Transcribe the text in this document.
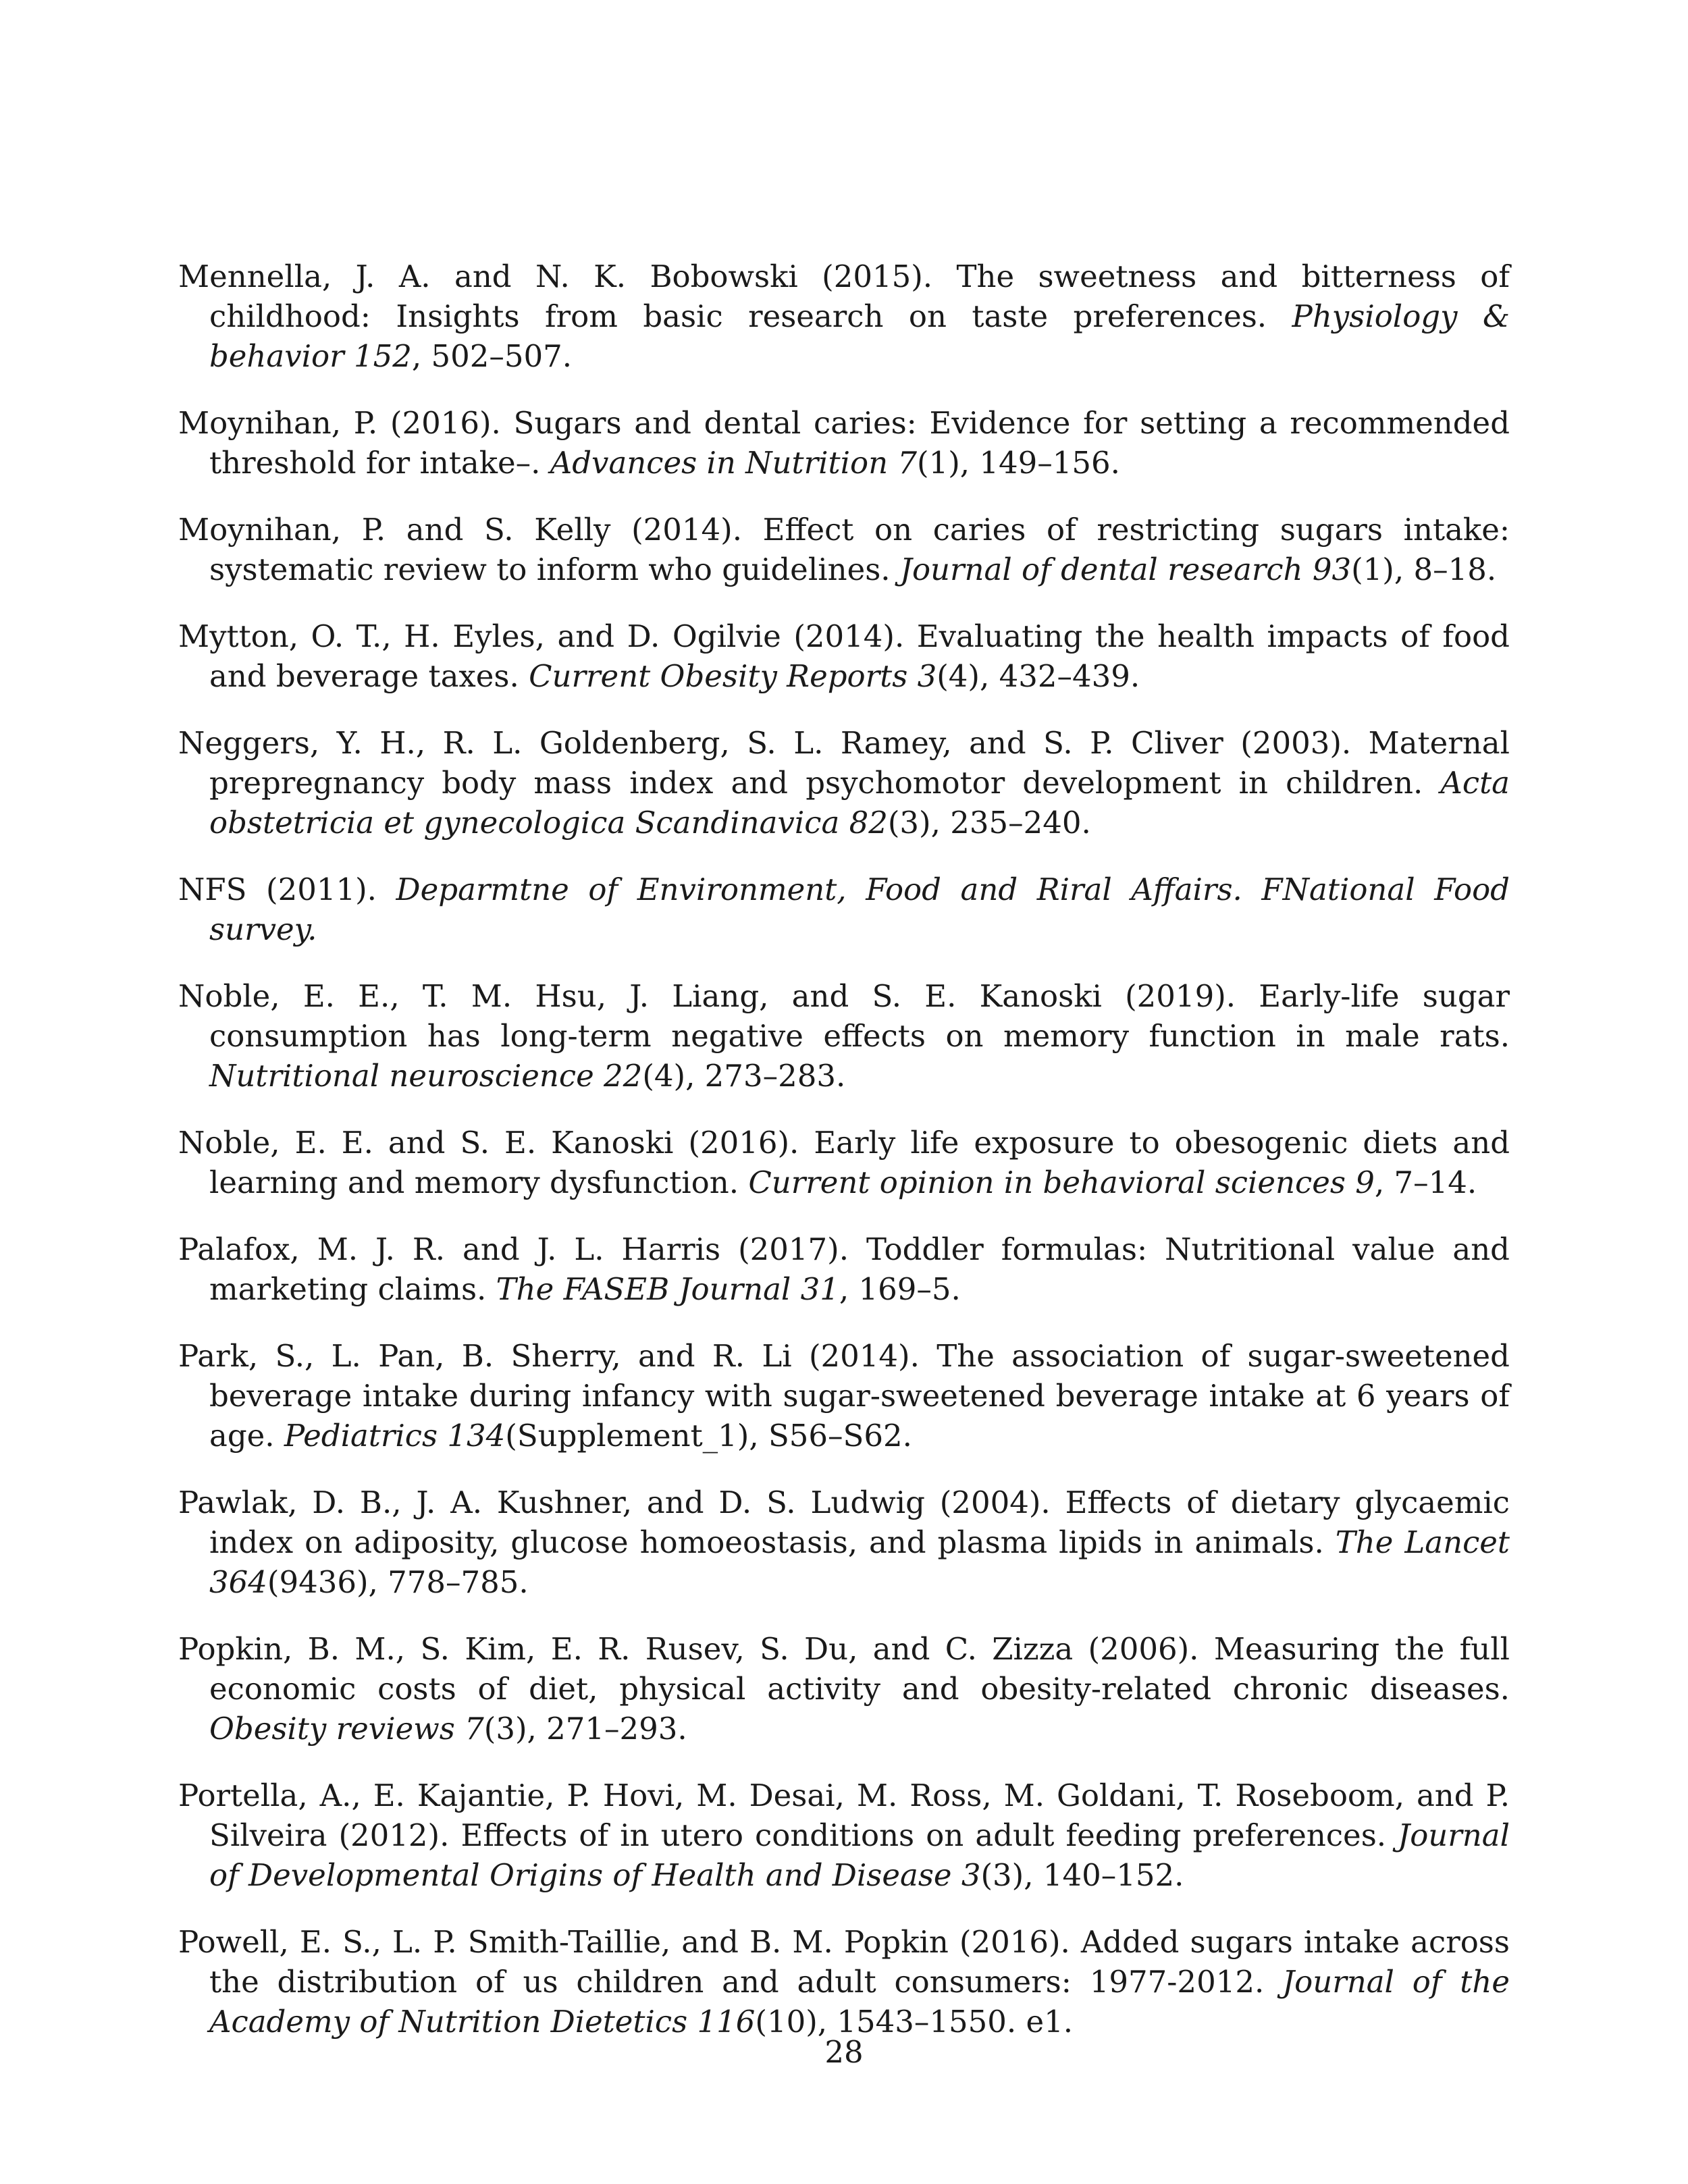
Mennella, J. A. and N. K. Bobowski (2015). The sweetness and bitterness of childhood: Insights from basic research on taste preferences. Physiology & behavior 152, 502–507.

Moynihan, P. (2016). Sugars and dental caries: Evidence for setting a recommended threshold for intake–. Advances in Nutrition 7(1), 149–156.

Moynihan, P. and S. Kelly (2014). Effect on caries of restricting sugars intake: systematic review to inform who guidelines. Journal of dental research 93(1), 8–18.

Mytton, O. T., H. Eyles, and D. Ogilvie (2014). Evaluating the health impacts of food and beverage taxes. Current Obesity Reports 3(4), 432–439.

Neggers, Y. H., R. L. Goldenberg, S. L. Ramey, and S. P. Cliver (2003). Maternal prepregnancy body mass index and psychomotor development in children. Acta obstetricia et gynecologica Scandinavica 82(3), 235–240.

NFS (2011). Deparmtne of Environment, Food and Riral Affairs. FNational Food survey.

Noble, E. E., T. M. Hsu, J. Liang, and S. E. Kanoski (2019). Early-life sugar consumption has long-term negative effects on memory function in male rats. Nutritional neuroscience 22(4), 273–283.

Noble, E. E. and S. E. Kanoski (2016). Early life exposure to obesogenic diets and learning and memory dysfunction. Current opinion in behavioral sciences 9, 7–14.

Palafox, M. J. R. and J. L. Harris (2017). Toddler formulas: Nutritional value and marketing claims. The FASEB Journal 31, 169–5.

Park, S., L. Pan, B. Sherry, and R. Li (2014). The association of sugar-sweetened beverage intake during infancy with sugar-sweetened beverage intake at 6 years of age. Pediatrics 134(Supplement_1), S56–S62.

Pawlak, D. B., J. A. Kushner, and D. S. Ludwig (2004). Effects of dietary glycaemic index on adiposity, glucose homoeostasis, and plasma lipids in animals. The Lancet 364(9436), 778–785.

Popkin, B. M., S. Kim, E. R. Rusev, S. Du, and C. Zizza (2006). Measuring the full economic costs of diet, physical activity and obesity-related chronic diseases. Obesity reviews 7(3), 271–293.

Portella, A., E. Kajantie, P. Hovi, M. Desai, M. Ross, M. Goldani, T. Roseboom, and P. Silveira (2012). Effects of in utero conditions on adult feeding preferences. Journal of Developmental Origins of Health and Disease 3(3), 140–152.

Powell, E. S., L. P. Smith-Taillie, and B. M. Popkin (2016). Added sugars intake across the distribution of us children and adult consumers: 1977-2012. Journal of the Academy of Nutrition Dietetics 116(10), 1543–1550. e1.

28
